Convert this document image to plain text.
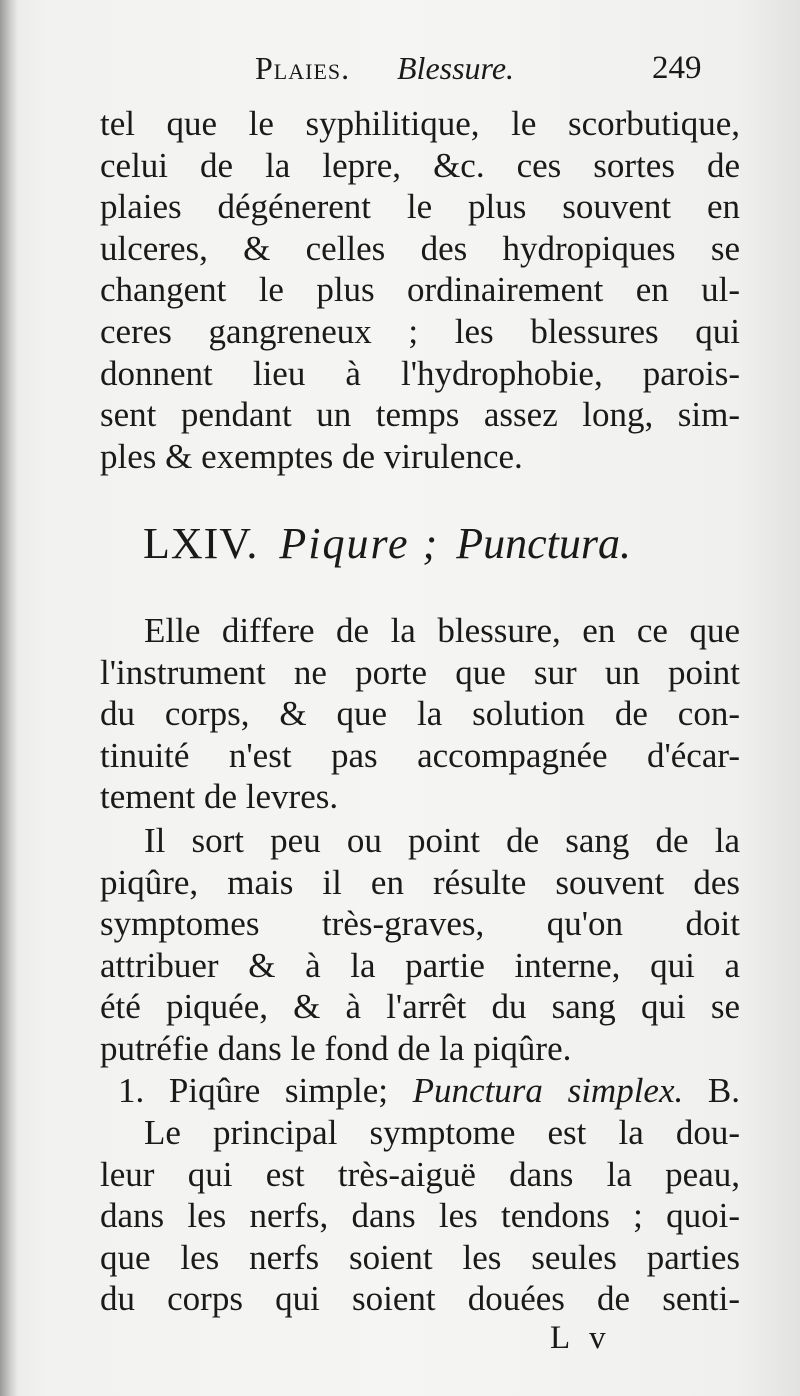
Plaies. Blessure.	249
tel que le syphilitique, le scorbutique,
celui de la lepre, &c. ces sortes de
plaies dégénerent le plus souvent en
ulceres, & celles des hydropiques se
changent le plus ordinairement en ul-
ceres gangreneux ; les blessures qui
donnent lieu à l'hydrophobie, parois-
sent pendant un temps assez long, sim-
ples & exemptes de virulence.
LXIV. Piqure ; Punctura.
Elle differe de la blessure, en ce que
l'instrument ne porte que sur un point
du corps, & que la solution de con-
tinuité n'est pas accompagnée d'écar-
tement de levres.
Il sort peu ou point de sang de la
piqûre, mais il en résulte souvent des
symptomes très-graves, qu'on doit
attribuer & à la partie interne, qui a
été piquée, & à l'arrêt du sang qui se
putréfie dans le fond de la piqûre.
1. Piqûre simple; Punctura simplex. B.
Le principal symptome est la dou-
leur qui est très-aiguë dans la peau,
dans les nerfs, dans les tendons ; quoi-
que les nerfs soient les seules parties
du corps qui soient douées de senti-
L v
